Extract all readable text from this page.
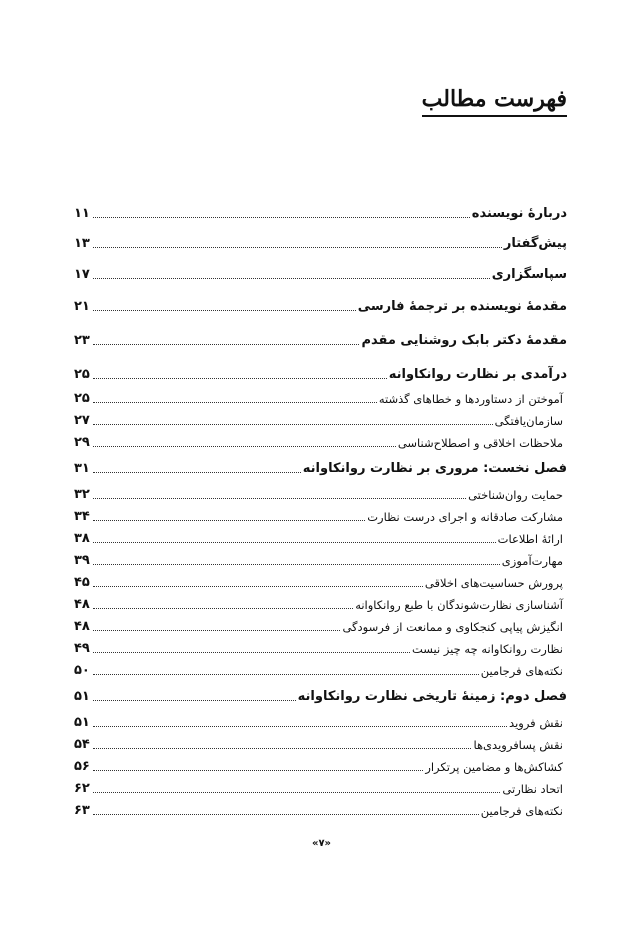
فهرست مطالب
دربارهٔ نویسنده
۱۱
پیش‌گفتار
۱۳
سپاسگزاری
۱۷
مقدمهٔ نویسنده بر ترجمهٔ فارسی
۲۱
مقدمهٔ دکتر بابک روشنایی مقدم
۲۳
درآمدی بر نظارت روانکاوانه
۲۵
آموختن از دستاوردها و خطاهای گذشته
۲۵
سازمان‌یافتگی
۲۷
ملاحظات اخلاقی و اصطلاح‌شناسی
۲۹
فصل نخست: مروری بر نظارت روانکاوانه
۳۱
حمایت روان‌شناختی
۳۲
مشارکت صادقانه و اجرای درست نظارت
۳۴
ارائهٔ اطلاعات
۳۸
مهارت‌آموزی
۳۹
پرورش حساسیت‌های اخلاقی
۴۵
آشناسازی نظارت‌شوندگان با طبع روانکاوانه
۴۸
انگیزش پیاپی کنجکاوی و ممانعت از فرسودگی
۴۸
نظارت روانکاوانه چه چیز نیست
۴۹
نکته‌های فرجامین
۵۰
فصل دوم: زمینهٔ تاریخی نظارت روانکاوانه
۵۱
نقش فروید
۵۱
نقش پسافرویدی‌ها
۵۴
کشاکش‌ها و مضامین پرتکرار
۵۶
اتحاد نظارتی
۶۲
نکته‌های فرجامین
۶۳
«۷»
